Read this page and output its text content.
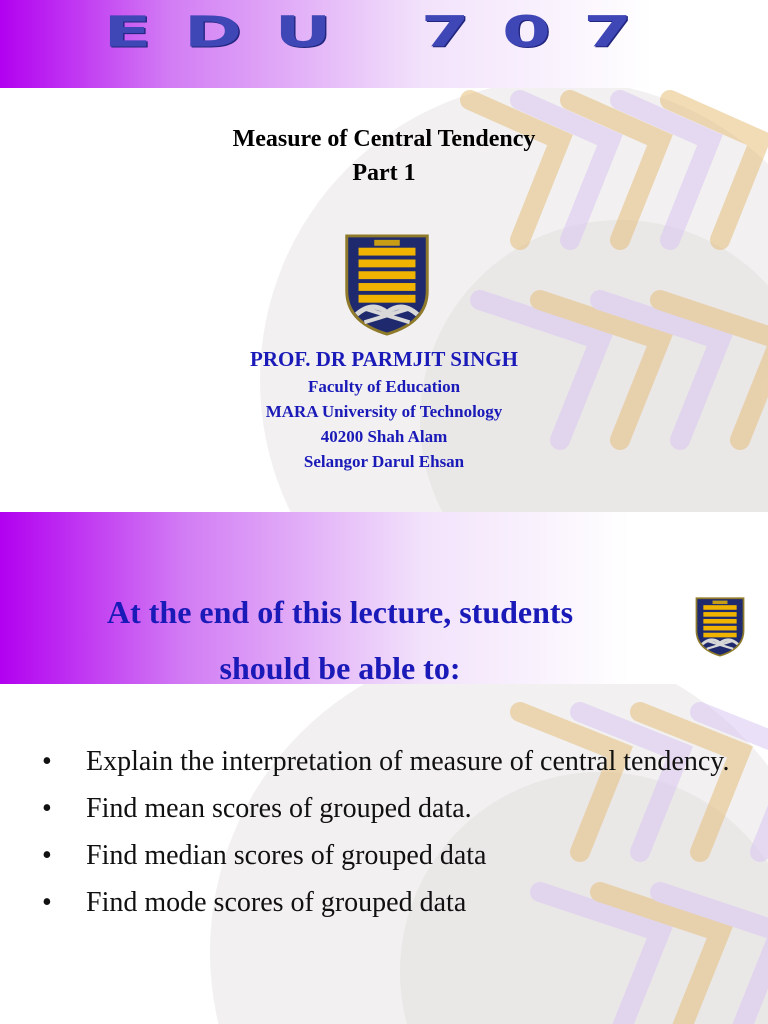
EDU 707
Measure of Central Tendency
Part 1
PROF. DR PARMJIT SINGH
Faculty of Education
MARA University of Technology
40200 Shah Alam
Selangor Darul Ehsan
At the end of this lecture, students
should be able to:
• Explain the interpretation of measure of central tendency.
• Find mean scores of grouped data.
• Find median scores of grouped data
• Find mode scores of grouped data
